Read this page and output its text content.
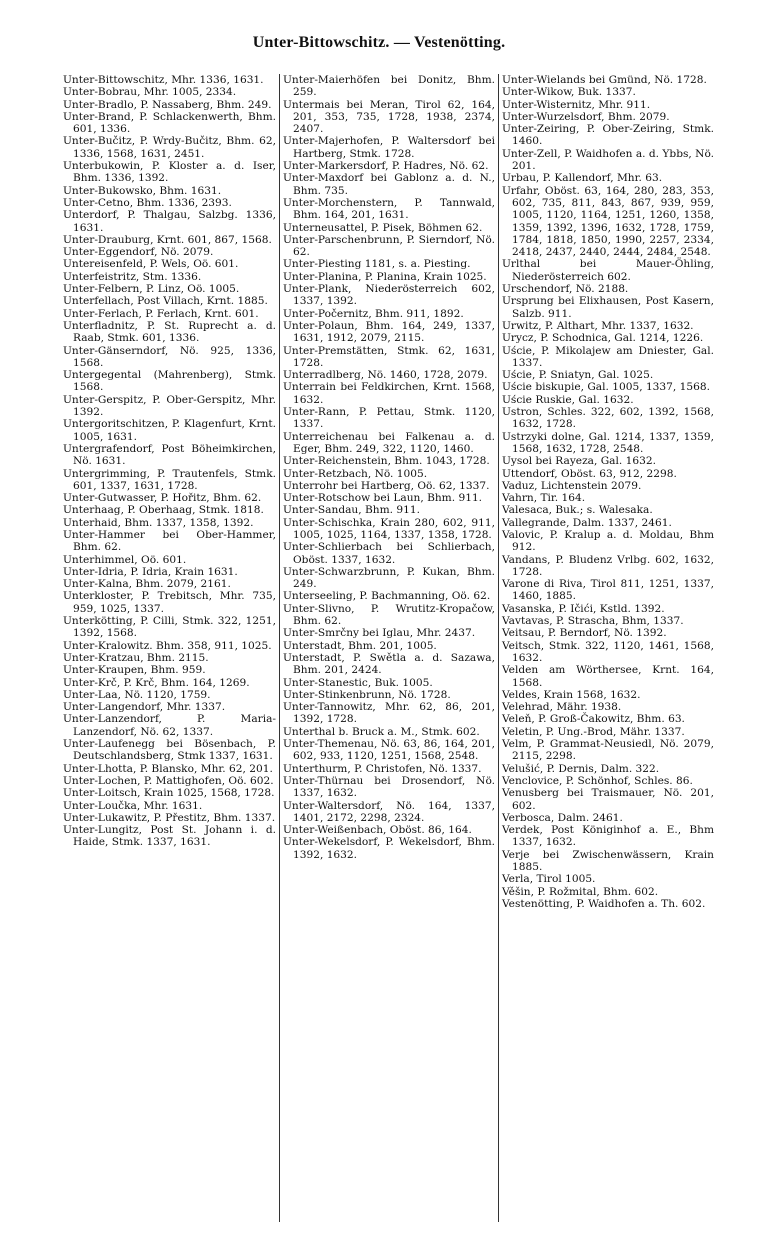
Unter-Bittowschitz. — Vestenötting.

Unter-Bittowschitz, Mhr. 1336, 1631.

Unter-Bobrau, Mhr. 1005, 2334.

Unter-Bradlo, P. Nassaberg, Bhm. 249.

Unter-Brand, P. Schlackenwerth, Bhm. 601, 1336.

Unter-Bučitz, P. Wrdy-Bučitz, Bhm. 62, 1336, 1568, 1631, 2451.

Unterbukowin, P. Kloster a. d. Iser, Bhm. 1336, 1392.

Unter-Bukowsko, Bhm. 1631.

Unter-Cetno, Bhm. 1336, 2393.

Unterdorf, P. Thalgau, Salzbg. 1336, 1631.

Unter-Drauburg, Krnt. 601, 867, 1568.

Unter-Eggendorf, Nö. 2079.

Untereisenfeld, P. Wels, Oö. 601.

Unterfeistritz, Stm. 1336.

Unter-Felbern, P. Linz, Oö. 1005.

Unterfellach, Post Villach, Krnt. 1885.

Unter-Ferlach, P. Ferlach, Krnt. 601.

Unterfladnitz, P. St. Ruprecht a. d. Raab, Stmk. 601, 1336.

Unter-Gänserndorf, Nö. 925, 1336, 1568.

Untergegental (Mahrenberg), Stmk. 1568.

Unter-Gerspitz, P. Ober-Gerspitz, Mhr. 1392.

Untergoritschitzen, P. Klagenfurt, Krnt. 1005, 1631.

Untergrafendorf, Post Böheimkirchen, Nö. 1631.

Untergrimming, P. Trautenfels, Stmk. 601, 1337, 1631, 1728.

Unter-Gutwasser, P. Hořitz, Bhm. 62.

Unterhaag, P. Oberhaag, Stmk. 1818.

Unterhaid, Bhm. 1337, 1358, 1392.

Unter-Hammer bei Ober-Hammer, Bhm. 62.

Unterhimmel, Oö. 601.

Unter-Idria, P. Idria, Krain 1631.

Unter-Kalna, Bhm. 2079, 2161.

Unterkloster, P. Trebitsch, Mhr. 735, 959, 1025, 1337.

Unterkötting, P. Cilli, Stmk. 322, 1251, 1392, 1568.

Unter-Kralowitz. Bhm. 358, 911, 1025.

Unter-Kratzau, Bhm. 2115.

Unter-Kraupen, Bhm. 959.

Unter-Krč, P. Krč, Bhm. 164, 1269.

Unter-Laa, Nö. 1120, 1759.

Unter-Langendorf, Mhr. 1337.

Unter-Lanzendorf, P. Maria-Lanzendorf, Nö. 62, 1337.

Unter-Laufenegg bei Bösenbach, P. Deutschlandsberg, Stmk 1337, 1631.

Unter-Lhotta, P. Blansko, Mhr. 62, 201.

Unter-Lochen, P. Mattighofen, Oö. 602.

Unter-Loitsch, Krain 1025, 1568, 1728.

Unter-Loučka, Mhr. 1631.

Unter-Lukawitz, P. Přestitz, Bhm. 1337.

Unter-Lungitz, Post St. Johann i. d. Haide, Stmk. 1337, 1631.

Unter-Maierhöfen bei Donitz, Bhm. 259.

Untermais bei Meran, Tirol 62, 164, 201, 353, 735, 1728, 1938, 2374, 2407.

Unter-Majerhofen, P. Waltersdorf bei Hartberg, Stmk. 1728.

Unter-Markersdorf, P. Hadres, Nö. 62.

Unter-Maxdorf bei Gablonz a. d. N., Bhm. 735.

Unter-Morchenstern, P. Tannwald, Bhm. 164, 201, 1631.

Unterneusattel, P. Pisek, Böhmen 62.

Unter-Parschenbrunn, P. Sierndorf, Nö. 62.

Unter-Piesting 1181, s. a. Piesting.

Unter-Planina, P. Planina, Krain 1025.

Unter-Plank, Niederösterreich 602, 1337, 1392.

Unter-Počernitz, Bhm. 911, 1892.

Unter-Polaun, Bhm. 164, 249, 1337, 1631, 1912, 2079, 2115.

Unter-Premstätten, Stmk. 62, 1631, 1728.

Unterradlberg, Nö. 1460, 1728, 2079.

Unterrain bei Feldkirchen, Krnt. 1568, 1632.

Unter-Rann, P. Pettau, Stmk. 1120, 1337.

Unterreichenau bei Falkenau a. d. Eger, Bhm. 249, 322, 1120, 1460.

Unter-Reichenstein, Bhm. 1043, 1728.

Unter-Retzbach, Nö. 1005.

Unterrohr bei Hartberg, Oö. 62, 1337.

Unter-Rotschow bei Laun, Bhm. 911.

Unter-Sandau, Bhm. 911.

Unter-Schischka, Krain 280, 602, 911, 1005, 1025, 1164, 1337, 1358, 1728.

Unter-Schlierbach bei Schlierbach, Oböst. 1337, 1632.

Unter-Schwarzbrunn, P. Kukan, Bhm. 249.

Unterseeling, P. Bachmanning, Oö. 62.

Unter-Slivno, P. Wrutitz-Kropačow, Bhm. 62.

Unter-Smrčny bei Iglau, Mhr. 2437.

Unterstadt, Bhm. 201, 1005.

Unterstadt, P. Swětla a. d. Sazawa, Bhm. 201, 2424.

Unter-Stanestic, Buk. 1005.

Unter-Stinkenbrunn, Nö. 1728.

Unter-Tannowitz, Mhr. 62, 86, 201, 1392, 1728.

Unterthal b. Bruck a. M., Stmk. 602.

Unter-Themenau, Nö. 63, 86, 164, 201, 602, 933, 1120, 1251, 1568, 2548.

Unterthurm, P. Christofen, Nö. 1337.

Unter-Thürnau bei Drosendorf, Nö. 1337, 1632.

Unter-Waltersdorf, Nö. 164, 1337, 1401, 2172, 2298, 2324.

Unter-Weißenbach, Oböst. 86, 164.

Unter-Wekelsdorf, P. Wekelsdorf, Bhm. 1392, 1632.

Unter-Wielands bei Gmünd, Nö. 1728.

Unter-Wikow, Buk. 1337.

Unter-Wisternitz, Mhr. 911.

Unter-Wurzelsdorf, Bhm. 2079.

Unter-Zeiring, P. Ober-Zeiring, Stmk. 1460.

Unter-Zell, P. Waidhofen a. d. Ybbs, Nö. 201.

Urbau, P. Kallendorf, Mhr. 63.

Urfahr, Oböst. 63, 164, 280, 283, 353, 602, 735, 811, 843, 867, 939, 959, 1005, 1120, 1164, 1251, 1260, 1358, 1359, 1392, 1396, 1632, 1728, 1759, 1784, 1818, 1850, 1990, 2257, 2334, 2418, 2437, 2440, 2444, 2484, 2548.

Urlthal bei Mauer-Öhling, Niederösterreich 602.

Urschendorf, Nö. 2188.

Ursprung bei Elixhausen, Post Kasern, Salzb. 911.

Urwitz, P. Althart, Mhr. 1337, 1632.

Urycz, P. Schodnica, Gal. 1214, 1226.

Uście, P. Mikolajew am Dniester, Gal. 1337.

Uście, P. Sniatyn, Gal. 1025.

Uście biskupie, Gal. 1005, 1337, 1568.

Uście Ruskie, Gal. 1632.

Ustron, Schles. 322, 602, 1392, 1568, 1632, 1728.

Ustrzyki dolne, Gal. 1214, 1337, 1359, 1568, 1632, 1728, 2548.

Uysol bei Rayeza, Gal. 1632.

Uttendorf, Oböst. 63, 912, 2298.

Vaduz, Lichtenstein 2079.

Vahrn, Tir. 164.

Valesaca, Buk.; s. Walesaka.

Vallegrande, Dalm. 1337, 2461.

Valovic, P. Kralup a. d. Moldau, Bhm 912.

Vandans, P. Bludenz Vrlbg. 602, 1632, 1728.

Varone di Riva, Tirol 811, 1251, 1337, 1460, 1885.

Vasanska, P. Ičići, Kstld. 1392.

Vavtavas, P. Strascha, Bhm, 1337.

Veitsau, P. Berndorf, Nö. 1392.

Veitsch, Stmk. 322, 1120, 1461, 1568, 1632.

Velden am Wörthersee, Krnt. 164, 1568.

Veldes, Krain 1568, 1632.

Velehrad, Mähr. 1938.

Veleň, P. Groß-Čakowitz, Bhm. 63.

Veletin, P. Ung.-Brod, Mähr. 1337.

Velm, P. Grammat-Neusiedl, Nö. 2079, 2115, 2298.

Velušić, P. Dernis, Dalm. 322.

Venclovice, P. Schönhof, Schles. 86.

Venusberg bei Traismauer, Nö. 201, 602.

Verbosca, Dalm. 2461.

Verdek, Post Königinhof a. E., Bhm 1337, 1632.

Verje bei Zwischenwässern, Krain 1885.

Verla, Tirol 1005.

Věšin, P. Rožmital, Bhm. 602.

Vestenötting, P. Waidhofen a. Th. 602.
